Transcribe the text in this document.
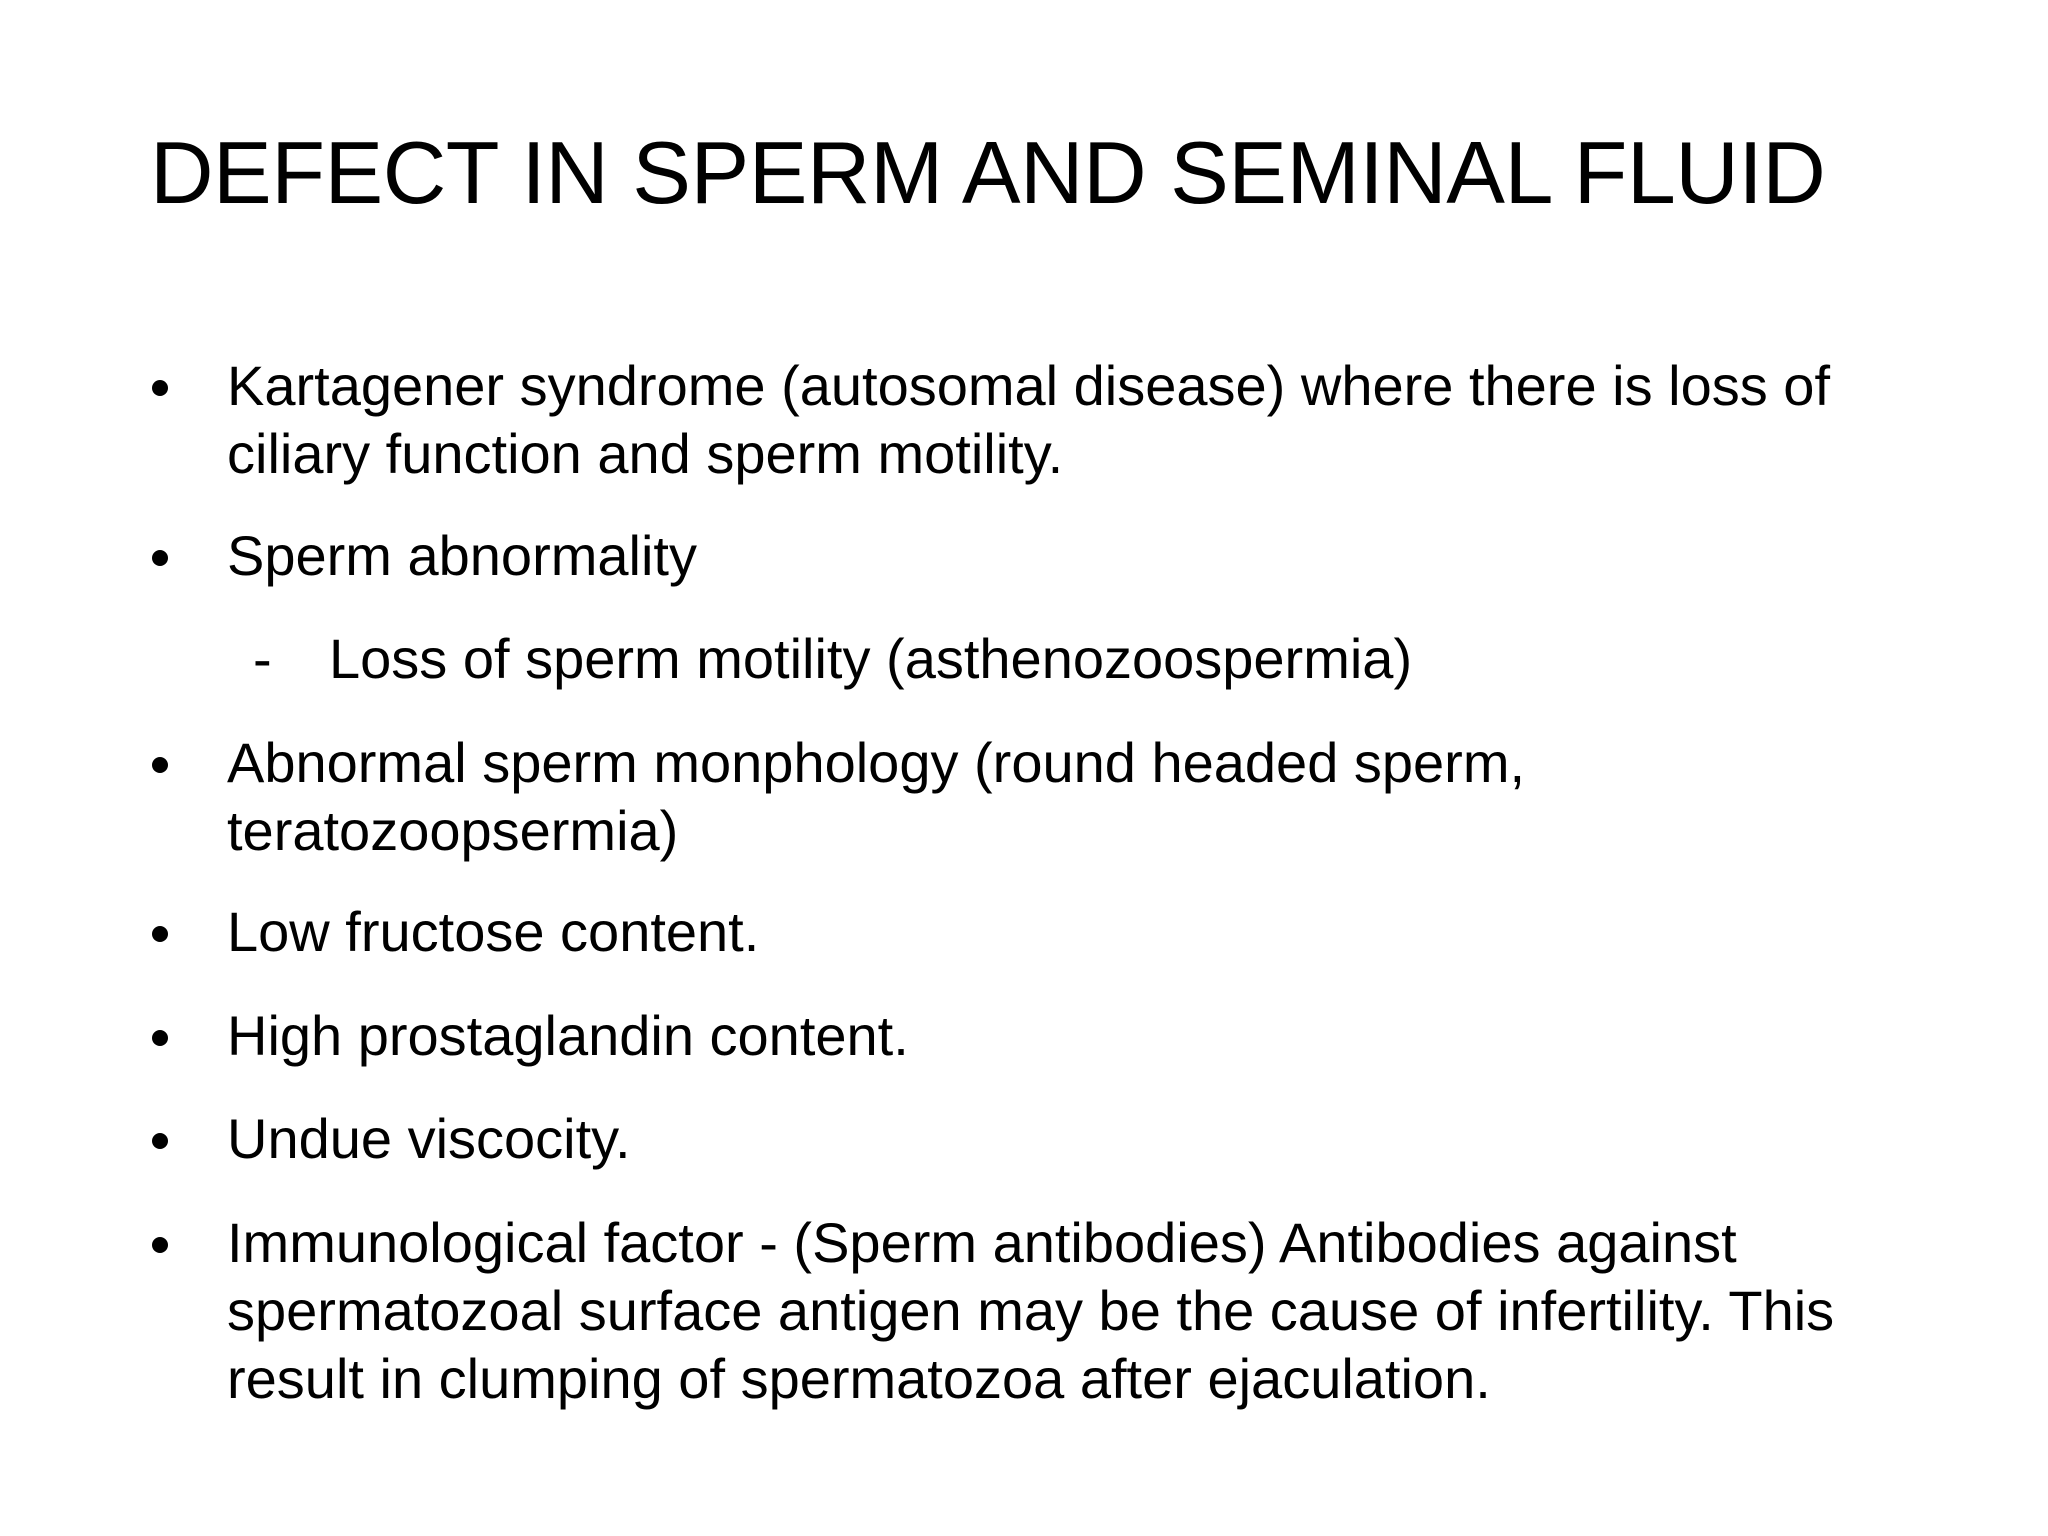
DEFECT IN SPERM AND SEMINAL FLUID
Kartagener syndrome (autosomal disease) where there is loss of ciliary function and sperm motility.
Sperm abnormality
- Loss of sperm motility (asthenozoospermia)
Abnormal sperm monphology (round headed sperm, teratozoopsermia)
Low fructose content.
High prostaglandin content.
Undue viscocity.
Immunological factor - (Sperm antibodies) Antibodies against spermatozoal surface antigen may be the cause of infertility. This result in clumping of spermatozoa after ejaculation.
